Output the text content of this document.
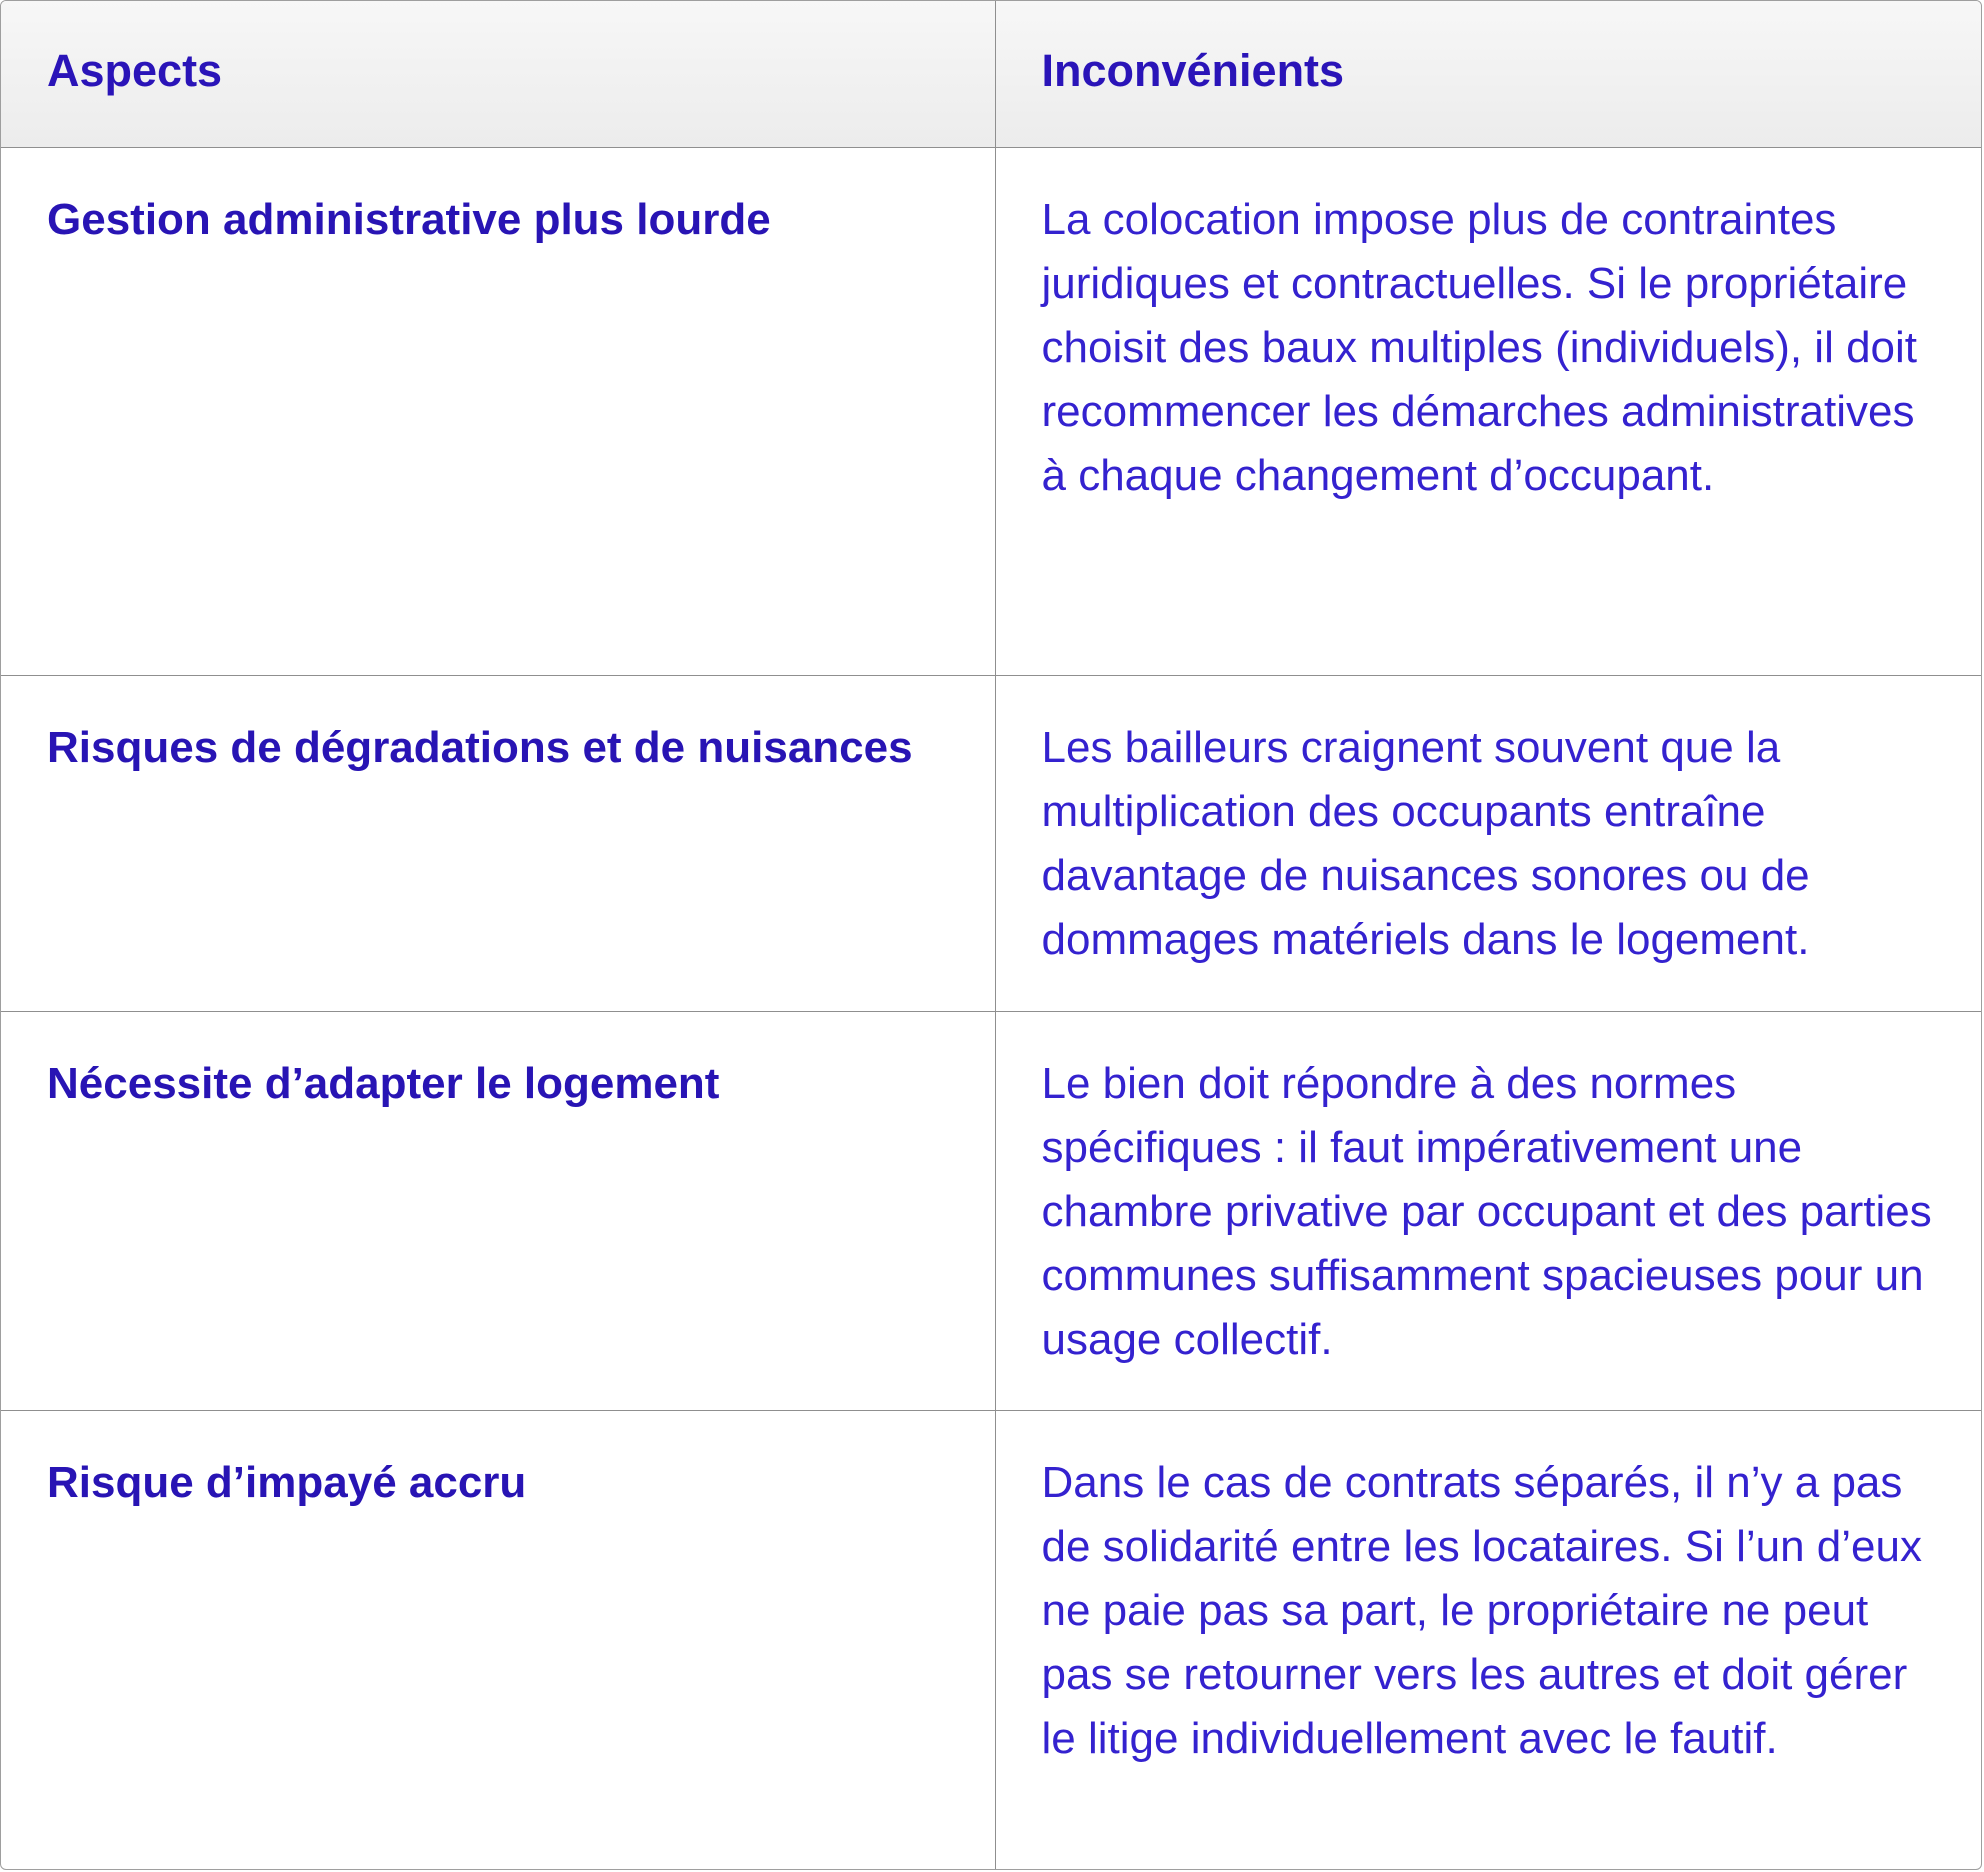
Aspects	Inconvénients
Gestion administrative plus lourde	La colocation impose plus de contraintes juridiques et contractuelles. Si le propriétaire choisit des baux multiples (individuels), il doit recommencer les démarches administratives à chaque changement d’occupant.
Risques de dégradations et de nuisances	Les bailleurs craignent souvent que la multiplication des occupants entraîne davantage de nuisances sonores ou de dommages matériels dans le logement.
Nécessite d’adapter le logement	Le bien doit répondre à des normes spécifiques : il faut impérativement une chambre privative par occupant et des parties communes suffisamment spacieuses pour un usage collectif.
Risque d’impayé accru	Dans le cas de contrats séparés, il n’y a pas de solidarité entre les locataires. Si l’un d’eux ne paie pas sa part, le propriétaire ne peut pas se retourner vers les autres et doit gérer le litige individuellement avec le fautif.
